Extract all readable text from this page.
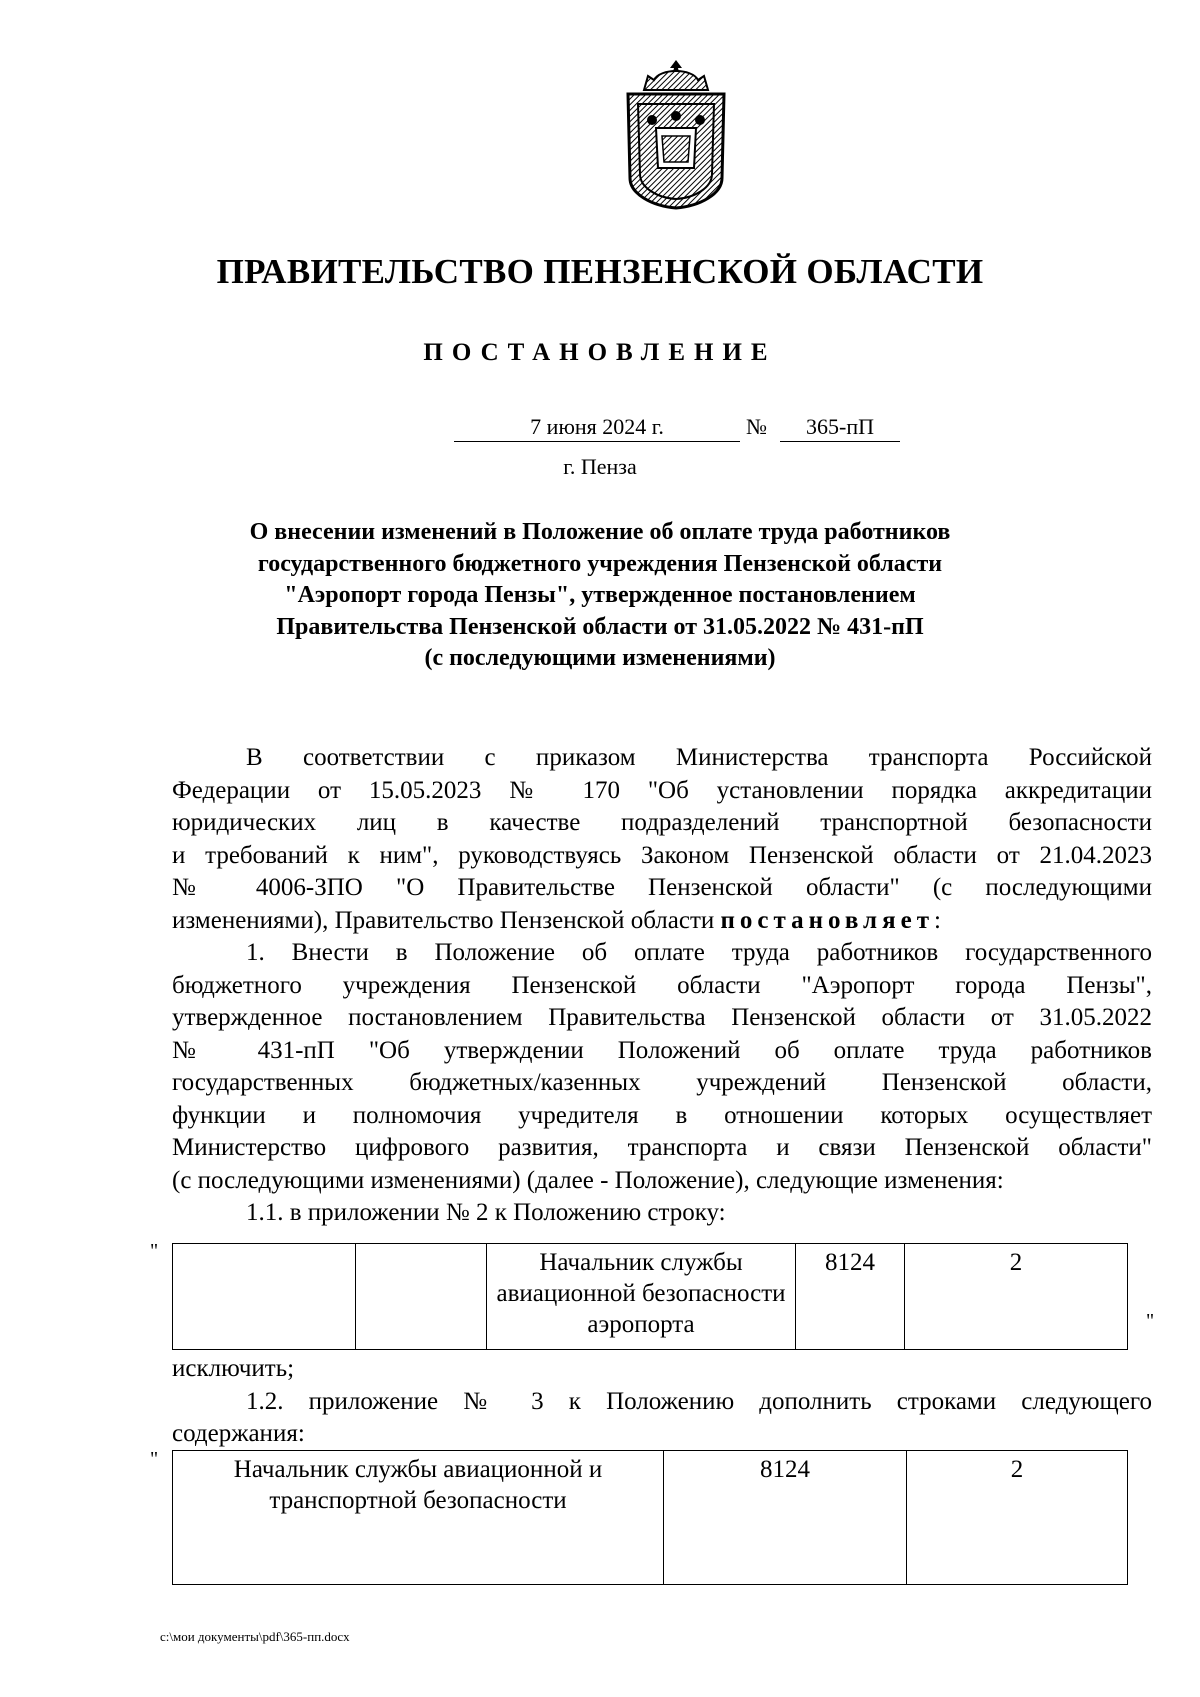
ПРАВИТЕЛЬСТВО ПЕНЗЕНСКОЙ ОБЛАСТИ
ПОСТАНОВЛЕНИЕ
7 июня 2024 г.	№	365-пП
г. Пенза
О внесении изменений в Положение об оплате труда работников
государственного бюджетного учреждения Пензенской области
"Аэропорт города Пензы", утвержденное постановлением
Правительства Пензенской области от 31.05.2022 № 431-пП
(с последующими изменениями)
В соответствии с приказом Министерства транспорта Российской
Федерации от 15.05.2023 № 170 "Об установлении порядка аккредитации
юридических лиц в качестве подразделений транспортной безопасности
и требований к ним", руководствуясь Законом Пензенской области от 21.04.2023
№ 4006-ЗПО "О Правительстве Пензенской области" (с последующими
изменениями), Правительство Пензенской области постановляет:
1. Внести в Положение об оплате труда работников государственного
бюджетного учреждения Пензенской области "Аэропорт города Пензы",
утвержденное постановлением Правительства Пензенской области от 31.05.2022
№ 431-пП "Об утверждении Положений об оплате труда работников
государственных бюджетных/казенных учреждений Пензенской области,
функции и полномочия учредителя в отношении которых осуществляет
Министерство цифрового развития, транспорта и связи Пензенской области"
(с последующими изменениями) (далее - Положение), следующие изменения:
1.1. в приложении № 2 к Положению строку:
"
			Начальник службы авиационной безопасности аэропорта	8124	2
"
исключить;
1.2. приложение № 3 к Положению дополнить строками следующего
содержания:
"	Начальник службы авиационной и транспортной безопасности	8124	2
c:\мои документы\pdf\365-пп.docx
